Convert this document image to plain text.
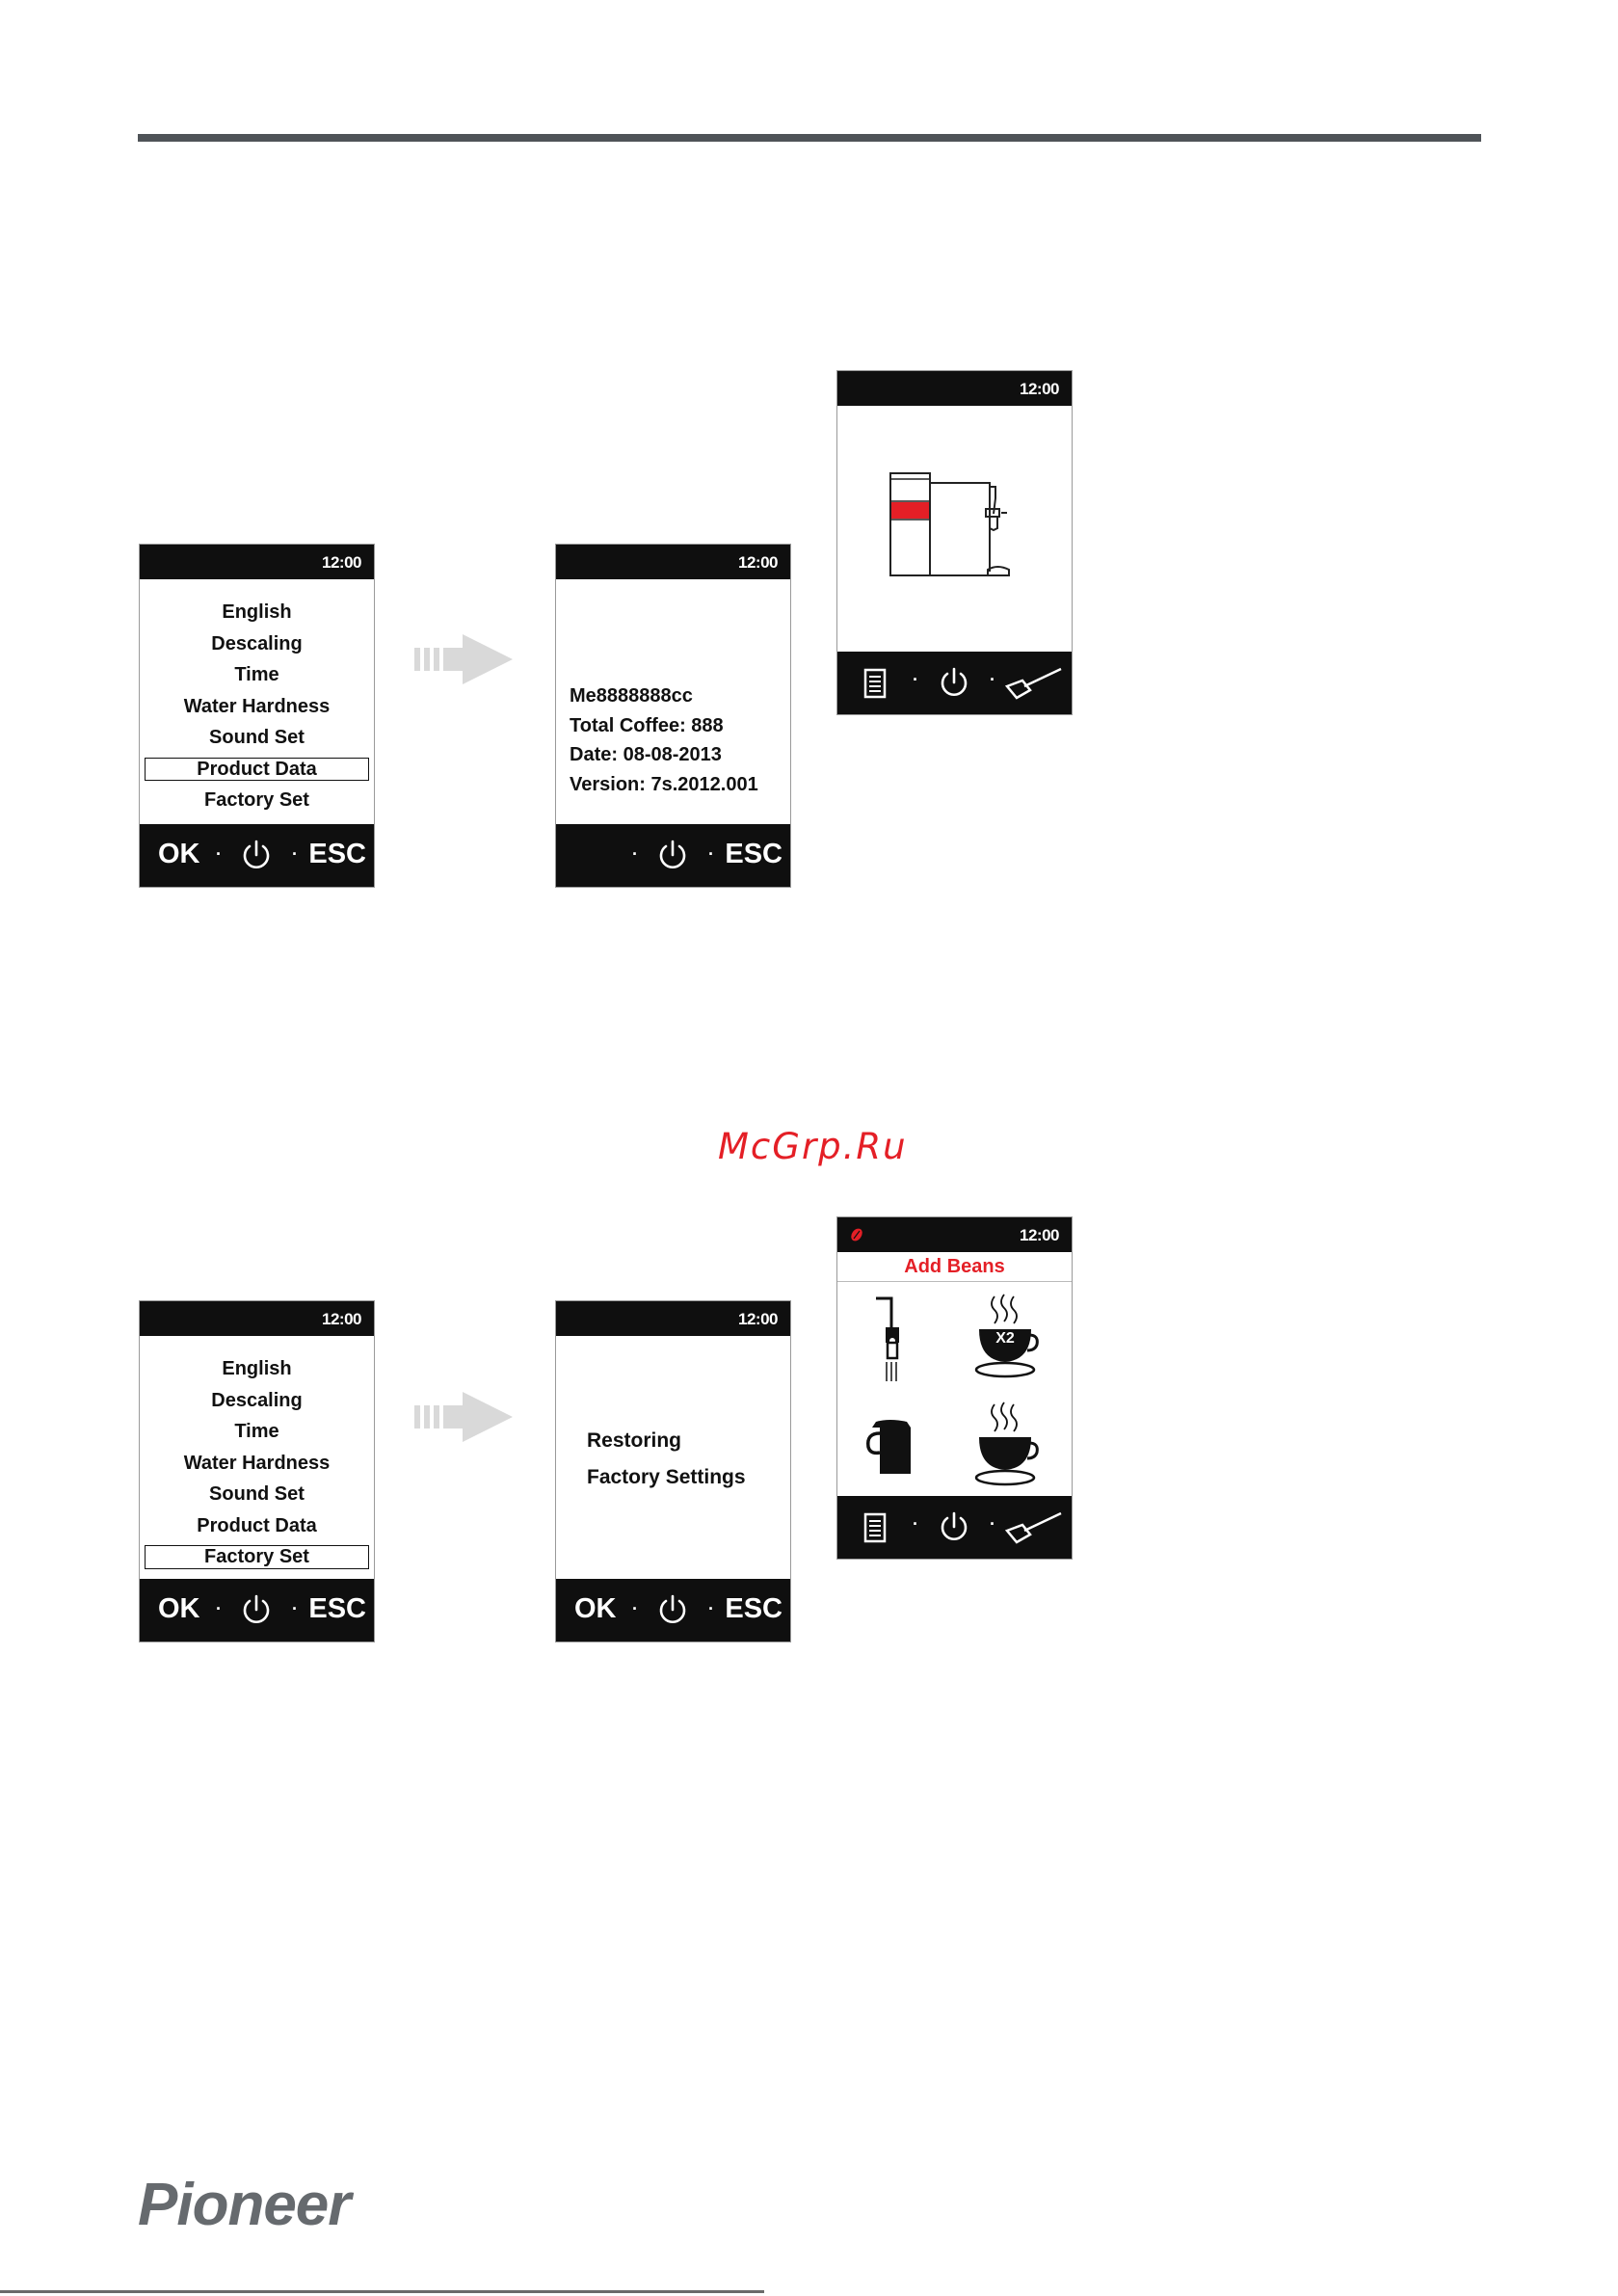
12:00
English
Descaling
Time
Water Hardness
Sound Set
Product Data
Factory Set
OK ·	· ESC
12:00
Me8888888cc
Total Coffee: 888
Date: 08-08-2013
Version: 7s.2012.001
·	· ESC
12:00
·	·
McGrp.Ru
12:00
English
Descaling
Time
Water Hardness
Sound Set
Product Data
Factory Set
OK ·	· ESC
12:00
Restoring
Factory Settings
OK ·	· ESC
12:00
Add Beans
X2
·	·
Pioneer
